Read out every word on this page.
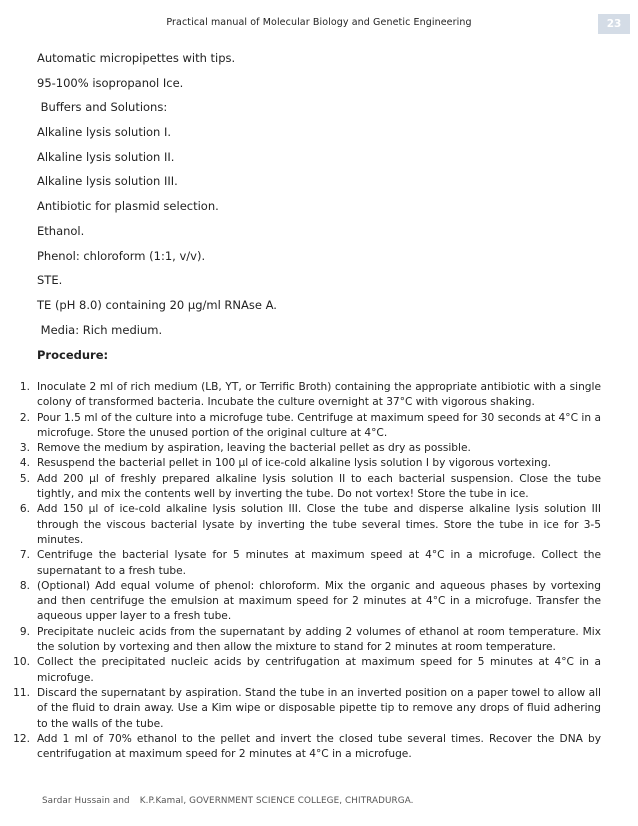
Practical manual of Molecular Biology and Genetic Engineering	23
Automatic micropipettes with tips.
95-100% isopropanol Ice.
Buffers and Solutions:
Alkaline lysis solution I.
Alkaline lysis solution II.
Alkaline lysis solution III.
Antibiotic for plasmid selection.
Ethanol.
Phenol: chloroform (1:1, v/v).
STE.
TE (pH 8.0) containing 20 μg/ml RNAse A.
Media: Rich medium.
Procedure:
1. Inoculate 2 ml of rich medium (LB, YT, or Terrific Broth) containing the appropriate antibiotic with a single colony of transformed bacteria. Incubate the culture overnight at 37°C with vigorous shaking.
2. Pour 1.5 ml of the culture into a microfuge tube. Centrifuge at maximum speed for 30 seconds at 4°C in a microfuge. Store the unused portion of the original culture at 4°C.
3. Remove the medium by aspiration, leaving the bacterial pellet as dry as possible.
4. Resuspend the bacterial pellet in 100 µl of ice-cold alkaline lysis solution I by vigorous vortexing.
5. Add 200 µl of freshly prepared alkaline lysis solution II to each bacterial suspension. Close the tube tightly, and mix the contents well by inverting the tube. Do not vortex! Store the tube in ice.
6. Add 150 µl of ice-cold alkaline lysis solution III. Close the tube and disperse alkaline lysis solution III through the viscous bacterial lysate by inverting the tube several times. Store the tube in ice for 3-5 minutes.
7. Centrifuge the bacterial lysate for 5 minutes at maximum speed at 4°C in a microfuge. Collect the supernatant to a fresh tube.
8. (Optional) Add equal volume of phenol: chloroform. Mix the organic and aqueous phases by vortexing and then centrifuge the emulsion at maximum speed for 2 minutes at 4°C in a microfuge. Transfer the aqueous upper layer to a fresh tube.
9. Precipitate nucleic acids from the supernatant by adding 2 volumes of ethanol at room temperature. Mix the solution by vortexing and then allow the mixture to stand for 2 minutes at room temperature.
10. Collect the precipitated nucleic acids by centrifugation at maximum speed for 5 minutes at 4°C in a microfuge.
11. Discard the supernatant by aspiration. Stand the tube in an inverted position on a paper towel to allow all of the fluid to drain away. Use a Kim wipe or disposable pipette tip to remove any drops of fluid adhering to the walls of the tube.
12. Add 1 ml of 70% ethanol to the pellet and invert the closed tube several times. Recover the DNA by centrifugation at maximum speed for 2 minutes at 4°C in a microfuge.
Sardar Hussain and K.P.Kamal, GOVERNMENT SCIENCE COLLEGE, CHITRADURGA.
